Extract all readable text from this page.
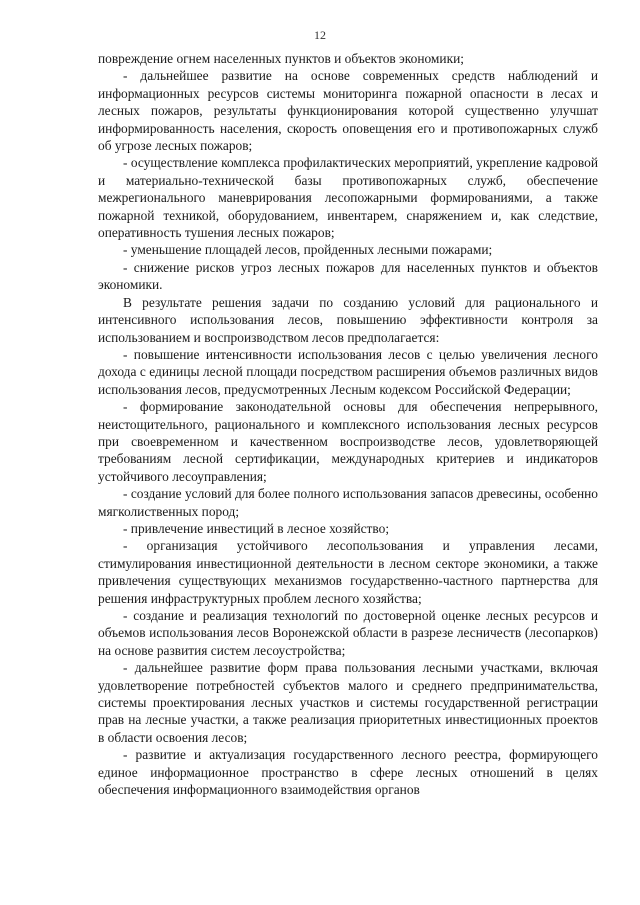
12

повреждение огнем населенных пунктов и объектов экономики;

- дальнейшее развитие на основе современных средств наблюдений и информационных ресурсов системы мониторинга пожарной опасности в лесах и лесных пожаров, результаты функционирования которой существенно улучшат информированность населения, скорость оповещения его и противопожарных служб об угрозе лесных пожаров;

- осуществление комплекса профилактических мероприятий, укрепление кадровой и материально-технической базы противопожарных служб, обеспечение межрегионального маневрирования лесопожарными формированиями, а также пожарной техникой, оборудованием, инвентарем, снаряжением и, как следствие, оперативность тушения лесных пожаров;

- уменьшение площадей лесов, пройденных лесными пожарами;

- снижение рисков угроз лесных пожаров для населенных пунктов и объектов экономики.

В результате решения задачи по созданию условий для рационального и интенсивного использования лесов, повышению эффективности контроля за использованием и воспроизводством лесов предполагается:

- повышение интенсивности использования лесов с целью увеличения лесного дохода с единицы лесной площади посредством расширения объемов различных видов использования лесов, предусмотренных Лесным кодексом Российской Федерации;

- формирование законодательной основы для обеспечения непрерывного, неистощительного, рационального и комплексного использования лесных ресурсов при своевременном и качественном воспроизводстве лесов, удовлетворяющей требованиям лесной сертификации, международных критериев и индикаторов устойчивого лесоуправления;

- создание условий для более полного использования запасов древесины, особенно мягколиственных пород;

- привлечение инвестиций в лесное хозяйство;

- организация устойчивого лесопользования и управления лесами, стимулирования инвестиционной деятельности в лесном секторе экономики, а также привлечения существующих механизмов государственно-частного партнерства для решения инфраструктурных проблем лесного хозяйства;

- создание и реализация технологий по достоверной оценке лесных ресурсов и объемов использования лесов Воронежской области в разрезе лесничеств (лесопарков) на основе развития систем лесоустройства;

- дальнейшее развитие форм права пользования лесными участками, включая удовлетворение потребностей субъектов малого и среднего предпринимательства, системы проектирования лесных участков и системы государственной регистрации прав на лесные участки, а также реализация приоритетных инвестиционных проектов в области освоения лесов;

- развитие и актуализация государственного лесного реестра, формирующего единое информационное пространство в сфере лесных отношений в целях обеспечения информационного взаимодействия органов
